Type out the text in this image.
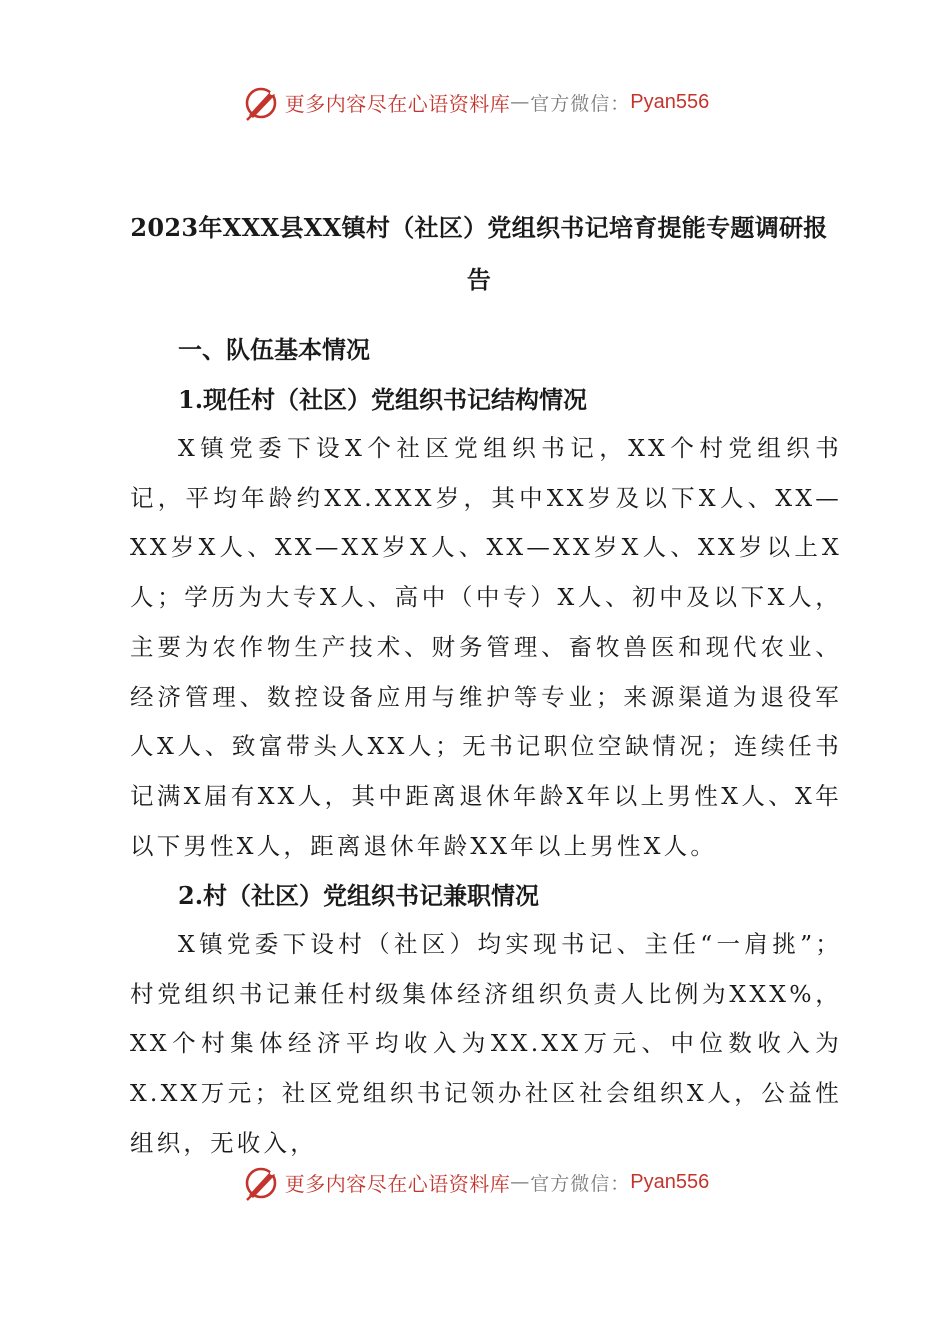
更多内容尽在心语资料库 — 官方微信： Pyan556
2023年XXX县XX镇村（社区）党组织书记培育提能专题调研报告
一、队伍基本情况
1.现任村（社区）党组织书记结构情况
X镇党委下设X个社区党组织书记，XX个村党组织书记，平均年龄约XX.XXX岁，其中XX岁及以下X人、XX—XX岁X人、XX—XX岁X人、XX—XX岁X人、XX岁以上X人；学历为大专X人、高中（中专）X人、初中及以下X人，主要为农作物生产技术、财务管理、畜牧兽医和现代农业、经济管理、数控设备应用与维护等专业；来源渠道为退役军人X人、致富带头人XX人；无书记职位空缺情况；连续任书记满X届有XX人，其中距离退休年龄X年以上男性X人、X年以下男性X人，距离退休年龄XX年以上男性X人。
2.村（社区）党组织书记兼职情况
X镇党委下设村（社区）均实现书记、主任“一肩挑”；村党组织书记兼任村级集体经济组织负责人比例为XXX%，XX个村集体经济平均收入为XX.XX万元、中位数收入为X.XX万元；社区党组织书记领办社区社会组织X人，公益性组织，无收入，
更多内容尽在心语资料库 — 官方微信： Pyan556
